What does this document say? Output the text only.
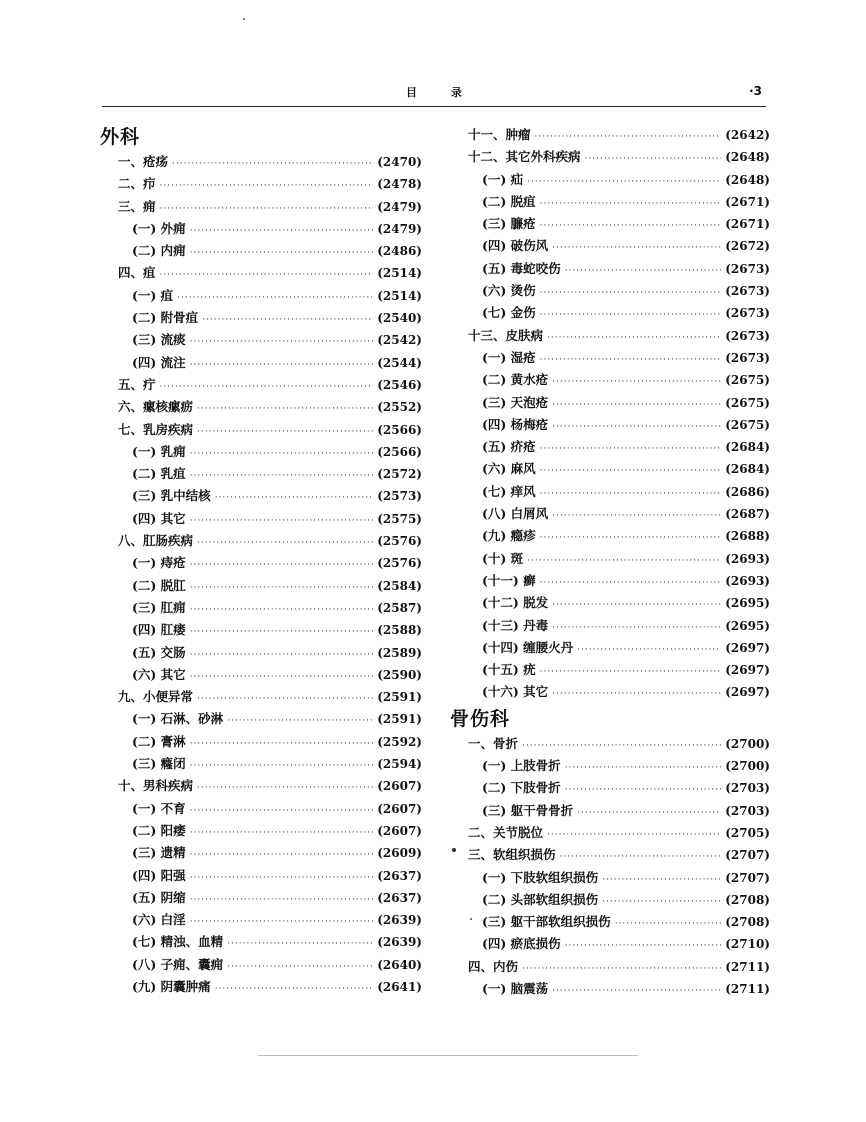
目录	·3
外科
一、疮疡 ·····	(2470)
二、疖 ·····	(2478)
三、痈 ·····	(2479)
(一) 外痈 ·····	(2479)
(二) 内痈 ·····	(2486)
四、疽 ·····	(2514)
(一) 疽 ·····	(2514)
(二) 附骨疽 ·····	(2540)
(三) 流痰 ·····	(2542)
(四) 流注 ·····	(2544)
五、疔 ·····	(2546)
六、瘰核瘰疬 ·····	(2552)
七、乳房疾病 ·····	(2566)
(一) 乳痈 ·····	(2566)
(二) 乳疽 ·····	(2572)
(三) 乳中结核 ·····	(2573)
(四) 其它 ·····	(2575)
八、肛肠疾病 ·····	(2576)
(一) 痔疮 ·····	(2576)
(二) 脱肛 ·····	(2584)
(三) 肛痈 ·····	(2587)
(四) 肛瘘 ·····	(2588)
(五) 交肠 ·····	(2589)
(六) 其它 ·····	(2590)
九、小便异常 ·····	(2591)
(一) 石淋、砂淋 ·····	(2591)
(二) 膏淋 ·····	(2592)
(三) 癃闭 ·····	(2594)
十、男科疾病 ·····	(2607)
(一) 不育 ·····	(2607)
(二) 阳痿 ·····	(2607)
(三) 遗精 ·····	(2609)
(四) 阳强 ·····	(2637)
(五) 阴缩 ·····	(2637)
(六) 白淫 ·····	(2639)
(七) 精浊、血精 ·····	(2639)
(八) 子痈、囊痈 ·····	(2640)
(九) 阴囊肿痛 ·····	(2641)
十一、肿瘤 ·····	(2642)
十二、其它外科疾病 ·····	(2648)
(一) 疝 ·····	(2648)
(二) 脱疽 ·····	(2671)
(三) 臁疮 ·····	(2671)
(四) 破伤风 ·····	(2672)
(五) 毒蛇咬伤 ·····	(2673)
(六) 烫伤 ·····	(2673)
(七) 金伤 ·····	(2673)
十三、皮肤病 ·····	(2673)
(一) 湿疮 ·····	(2673)
(二) 黄水疮 ·····	(2675)
(三) 天泡疮 ·····	(2675)
(四) 杨梅疮 ·····	(2675)
(五) 疥疮 ·····	(2684)
(六) 麻风 ·····	(2684)
(七) 痒风 ·····	(2686)
(八) 白屑风 ·····	(2687)
(九) 瘾疹 ·····	(2688)
(十) 斑 ·····	(2693)
(十一) 癣 ·····	(2693)
(十二) 脱发 ·····	(2695)
(十三) 丹毒 ·····	(2695)
(十四) 缠腰火丹 ·····	(2697)
(十五) 疣 ·····	(2697)
(十六) 其它 ·····	(2697)
骨伤科
一、骨折 ·····	(2700)
(一) 上肢骨折 ·····	(2700)
(二) 下肢骨折 ·····	(2703)
(三) 躯干骨骨折 ·····	(2703)
二、关节脱位 ·····	(2705)
三、软组织损伤 ·····	(2707)
(一) 下肢软组织损伤 ·····	(2707)
(二) 头部软组织损伤 ·····	(2708)
(三) 躯干部软组织损伤 ·····	(2708)
(四) 瘀底损伤 ·····	(2710)
四、内伤 ·····	(2711)
(一) 脑震荡 ·····	(2711)
